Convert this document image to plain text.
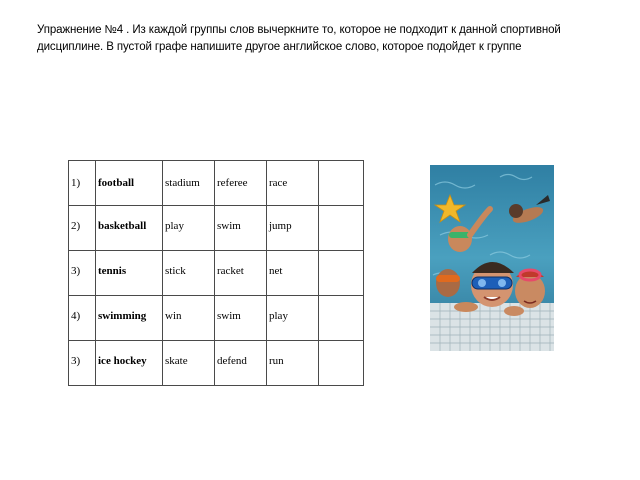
Упражнение №4 . Из каждой группы слов вычеркните то, которое не подходит к данной спортивной дисциплине. В пустой графе напишите другое английское слово, которое подойдет к группе
1)	football	stadium	referee	race	

2)	basketball	play	swim	jump	

3)	tennis	stick	racket	net	

4)	swimming	win	swim	play	

3)	ice hockey	skate	defend	run	
